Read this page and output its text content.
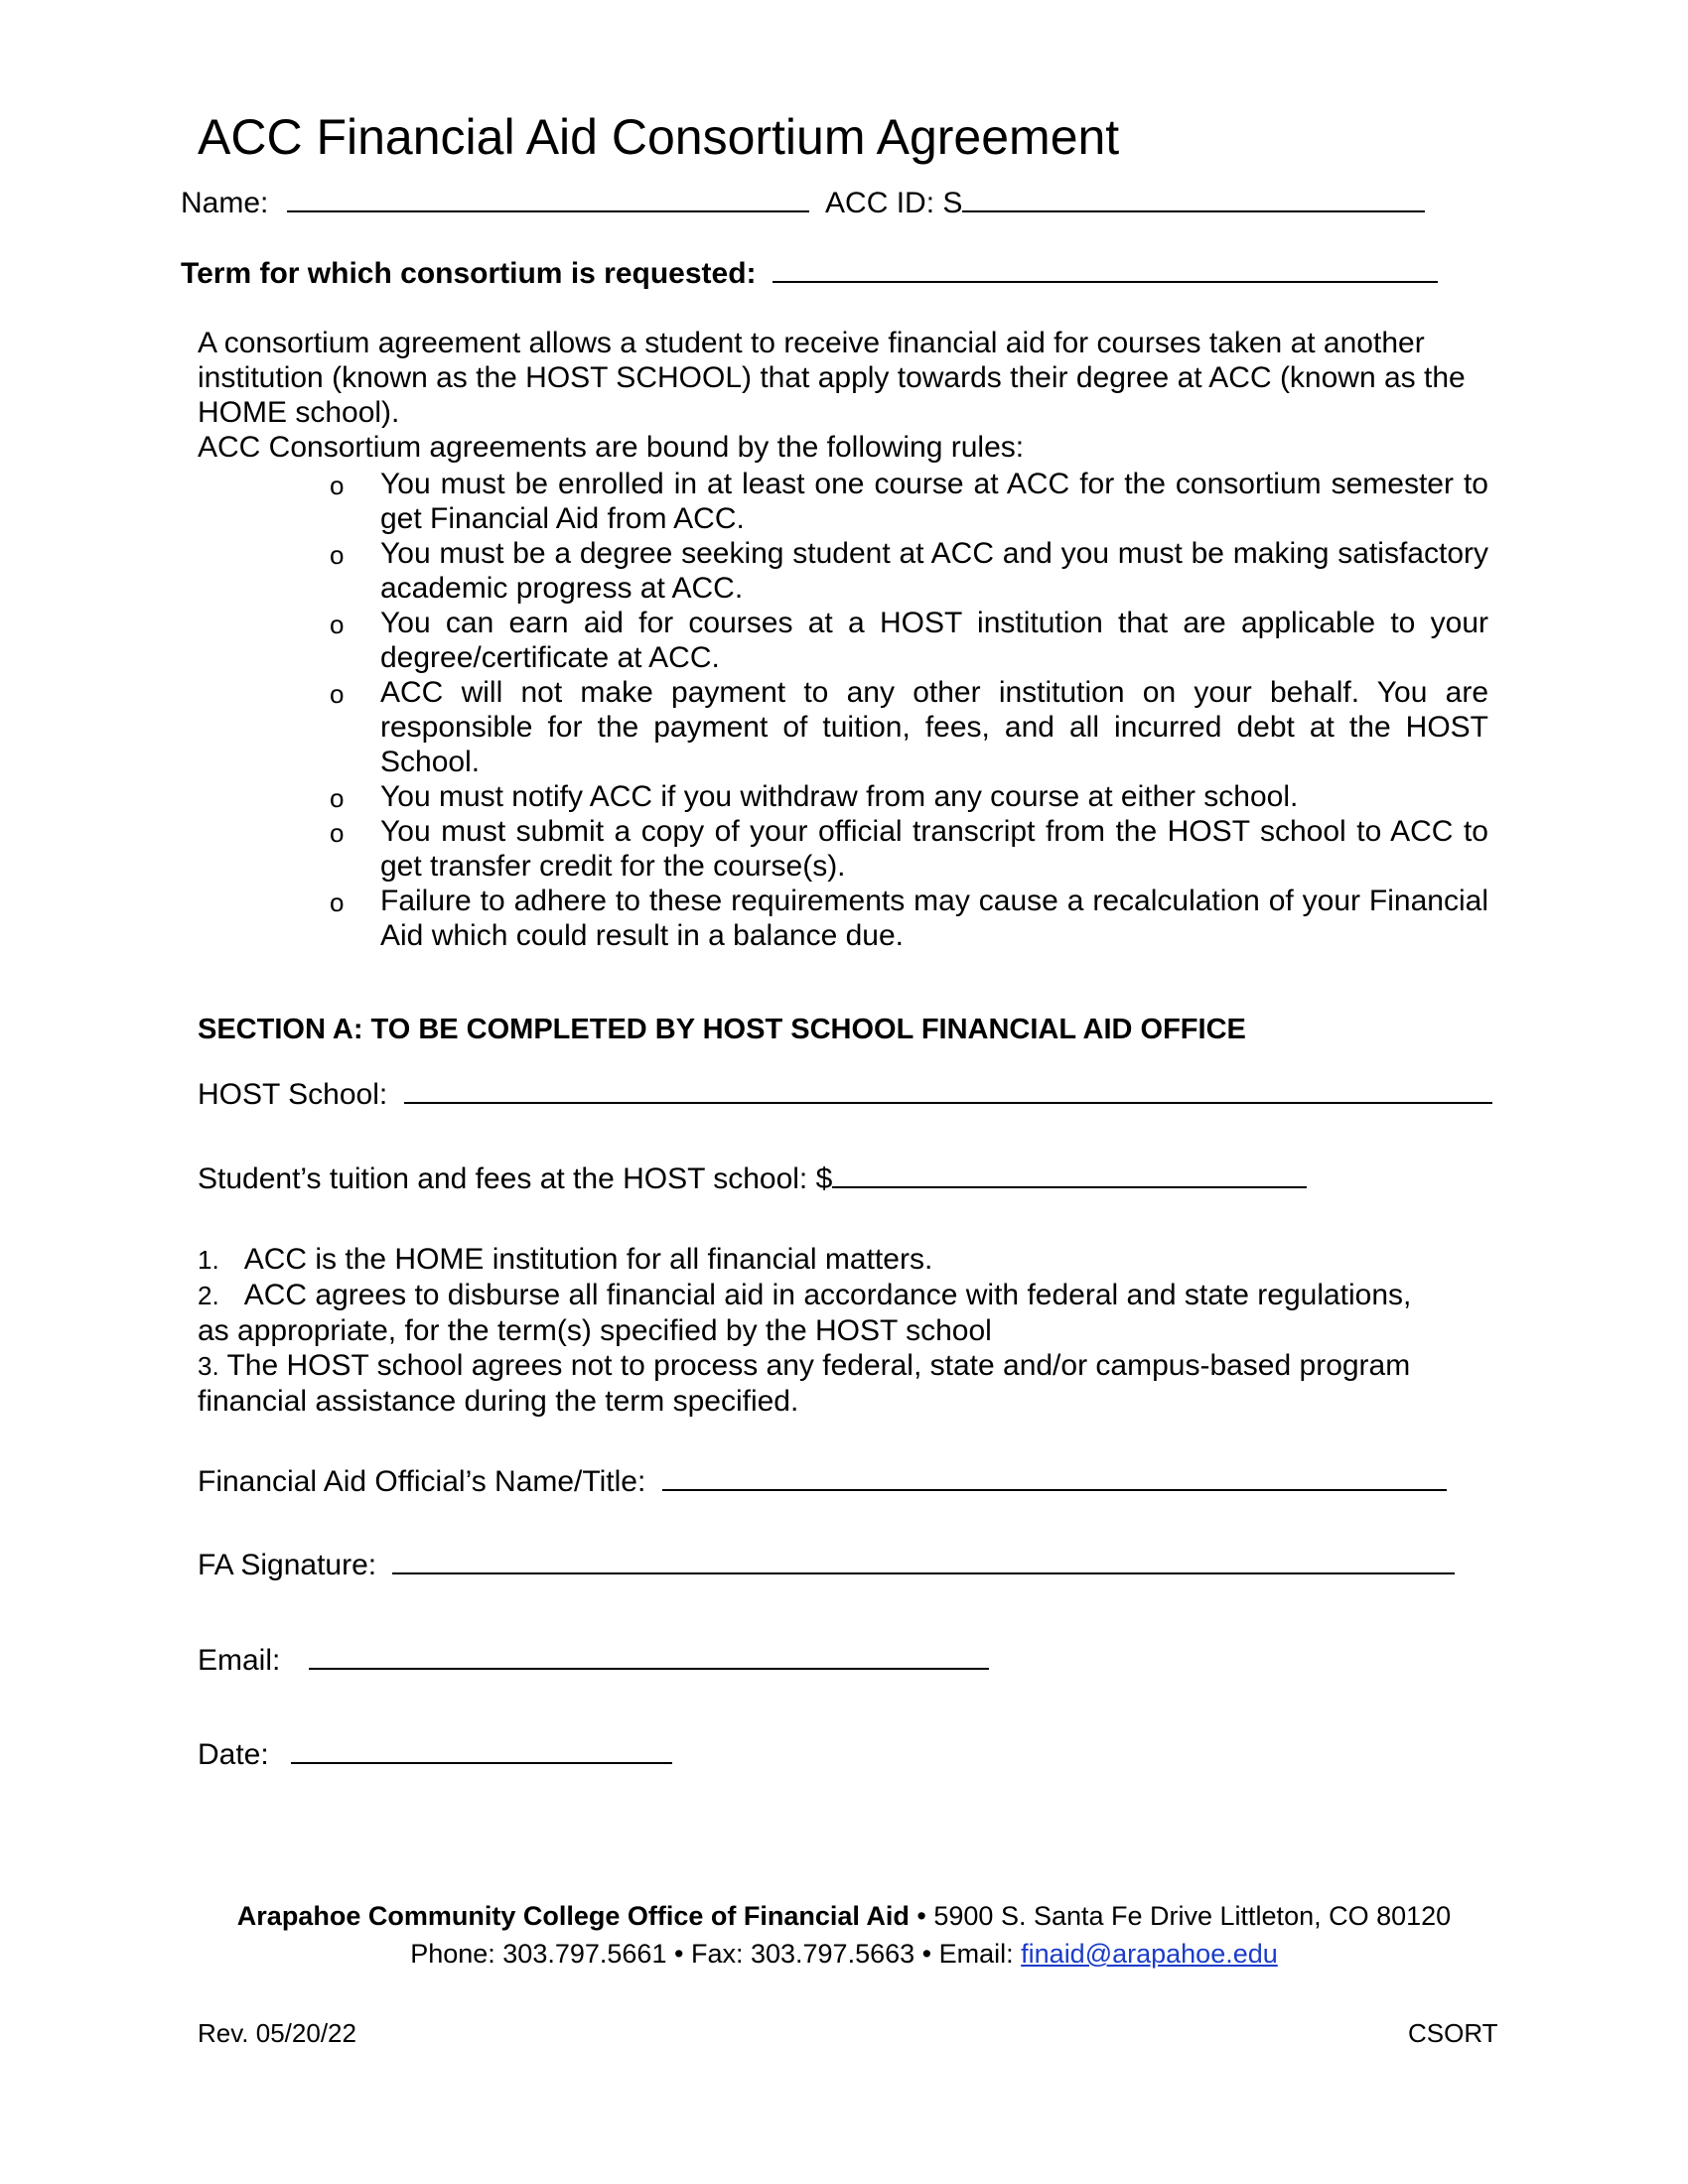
ACC Financial Aid Consortium Agreement
Name:	ACC ID: S
Term for which consortium is requested:

A consortium agreement allows a student to receive financial aid for courses taken at another institution (known as the HOST SCHOOL) that apply towards their degree at ACC (known as the HOME school).

ACC Consortium agreements are bound by the following rules:

o You must be enrolled in at least one course at ACC for the consortium semester to get Financial Aid from ACC.
o You must be a degree seeking student at ACC and you must be making satisfactory academic progress at ACC.
o You can earn aid for courses at a HOST institution that are applicable to your degree/certificate at ACC.
o ACC will not make payment to any other institution on your behalf. You are responsible for the payment of tuition, fees, and all incurred debt at the HOST School.
o You must notify ACC if you withdraw from any course at either school.
o You must submit a copy of your official transcript from the HOST school to ACC to get transfer credit for the course(s).
o Failure to adhere to these requirements may cause a recalculation of your Financial Aid which could result in a balance due.
SECTION A: TO BE COMPLETED BY HOST SCHOOL FINANCIAL AID OFFICE
HOST School:
Student’s tuition and fees at the HOST school: $

1. ACC is the HOME institution for all financial matters.

2. ACC agrees to disburse all financial aid in accordance with federal and state regulations, as appropriate, for the term(s) specified by the HOST school

3. The HOST school agrees not to process any federal, state and/or campus-based program financial assistance during the term specified.

Financial Aid Official’s Name/Title:
FA Signature:
Email:
Date:
Arapahoe Community College Office of Financial Aid • 5900 S. Santa Fe Drive Littleton, CO 80120
Phone: 303.797.5661 • Fax: 303.797.5663 • Email: finaid@arapahoe.edu
Rev. 05/20/22	CSORT
